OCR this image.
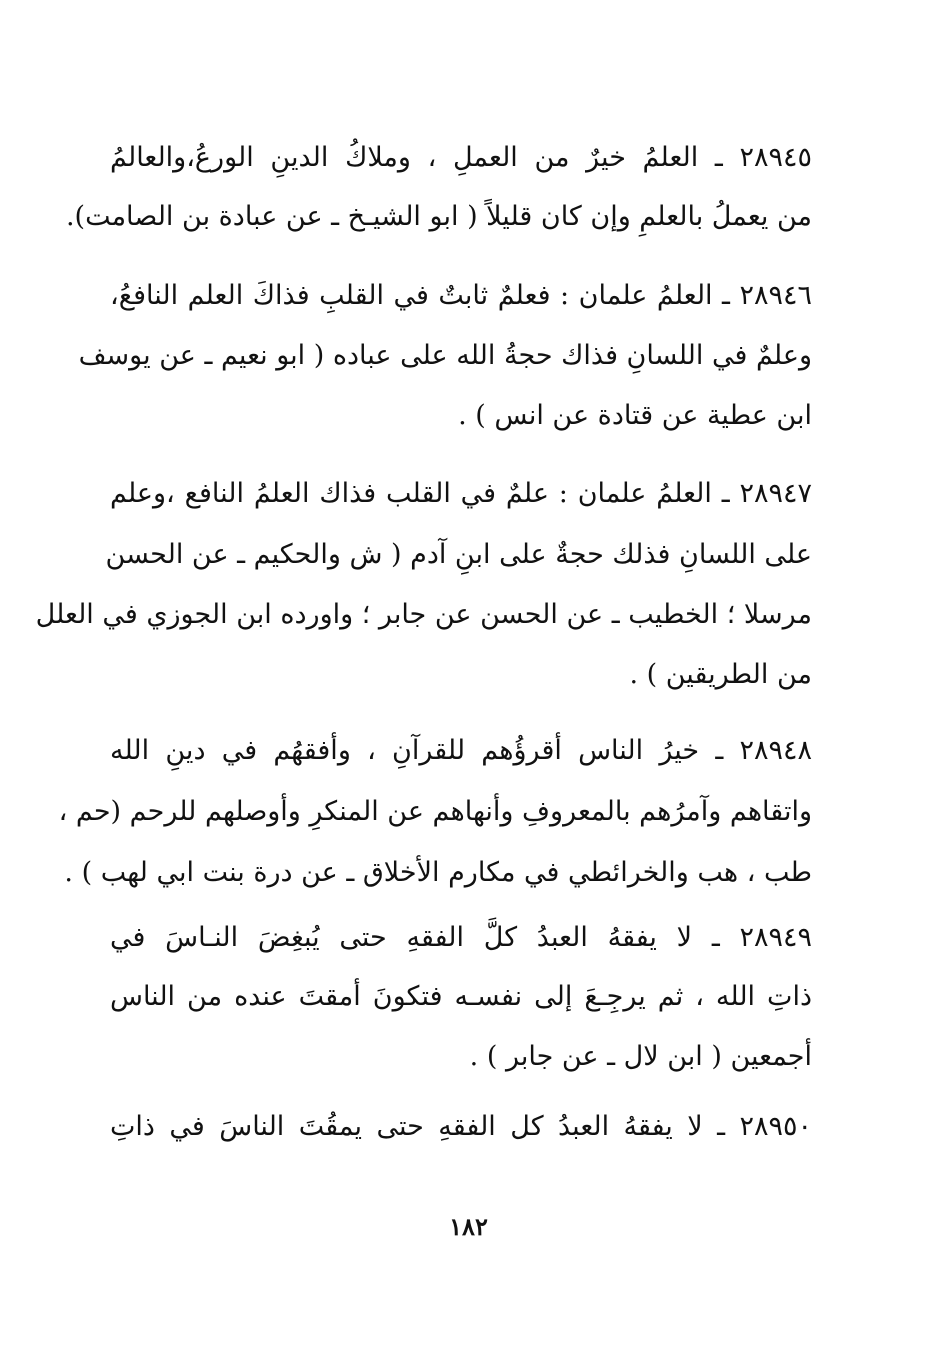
٢٨٩٤٥ ـ العلمُ خيرٌ من العملِ ، وملاكُ الدينِ الورعُ،والعالمُ
من يعملُ بالعلمِ وإن كان قليلاً ( ابو الشيـخ ـ عن عبادة بن الصامت).
٢٨٩٤٦ ـ العلمُ علمان : فعلمٌ ثابتٌ في القلبِ فذاكَ العلم النافعُ،
وعلمٌ في اللسانِ فذاك حجةُ الله على عباده ( ابو نعيم ـ عن يوسف
ابن عطية عن قتادة عن انس ) .
٢٨٩٤٧ ـ العلمُ علمان : علمٌ في القلب فذاك العلمُ النافع ،وعلم
على اللسانِ فذلك حجةٌ على ابنِ آدم ( ش والحكيم ـ عن الحسن
مرسلا ؛ الخطيب ـ عن الحسن عن جابر ؛ واورده ابن الجوزي في العلل
من الطريقين ) .
٢٨٩٤٨ ـ خيرُ الناس أقرؤُهم للقرآنِ ، وأفقهُم في دينِ الله
واتقاهم وآمرُهم بالمعروفِ وأنهاهم عن المنكرِ وأوصلهم للرحم (حم ،
طب ، هب والخرائطي في مكارم الأخلاق ـ عن درة بنت ابي لهب ) .
٢٨٩٤٩ ـ لا يفقهُ العبدُ كلَّ الفقهِ حتى يُبغِضَ النـاسَ في
ذاتِ الله ، ثم يرجِـعَ إلى نفسـه فتكونَ أمقتَ عنده من الناس
أجمعين ( ابن لال ـ عن جابر ) .
٢٨٩٥٠ ـ لا يفقهُ العبدُ كل الفقهِ حتى يمقُتَ الناسَ في ذاتِ
١٨٢
